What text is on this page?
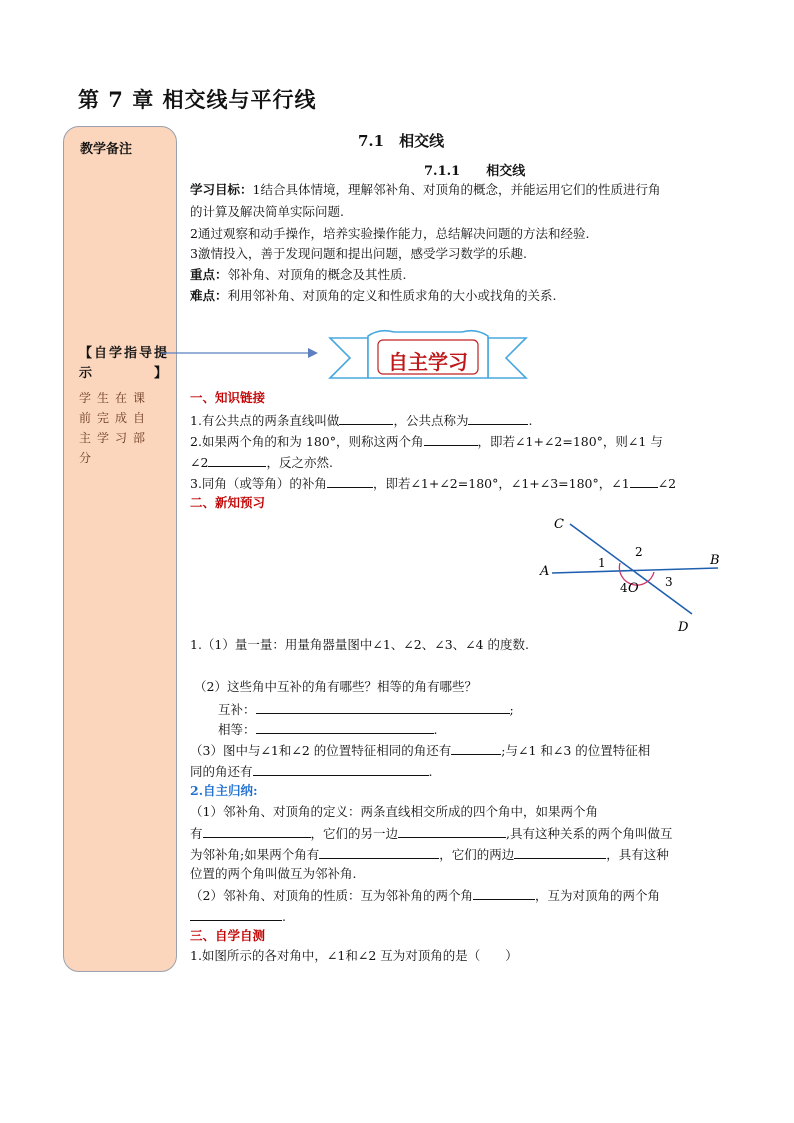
第 7 章 相交线与平行线
教学备注
【自学指导提示】
学生在课前完成自主学习部分
7.1　相交线
7.1.1　　相交线
学习目标：1结合具体情境，理解邻补角、对顶角的概念，并能运用它们的性质进行角
的计算及解决简单实际问题.
2通过观察和动手操作，培养实验操作能力，总结解决问题的方法和经验.
3激情投入，善于发现问题和提出问题，感受学习数学的乐趣.
重点：邻补角、对顶角的概念及其性质.
难点：利用邻补角、对顶角的定义和性质求角的大小或找角的关系.
自主学习
一、知识链接
1.有公共点的两条直线叫做	，公共点称为	.
2.如果两个角的和为 180°，则称这两个角	，即若∠1+∠2=180°，则∠1 与
∠2	，反之亦然.
3.同角（或等角）的补角	，即若∠1+∠2=180°，∠1+∠3=180°，∠1 ∠2
二、新知预习
A
B
C
D
O
1
2
3
4
1.（1）量一量：用量角器量图中∠1、∠2、∠3、∠4 的度数.
（2）这些角中互补的角有哪些？相等的角有哪些？
互补：	;
相等：	.
（3）图中与∠1和∠2 的位置特征相同的角还有	;与∠1 和∠3 的位置特征相
同的角还有	.
2.自主归纳:
（1）邻补角、对顶角的定义：两条直线相交所成的四个角中，如果两个角
有	，它们的另一边	,具有这种关系的两个角叫做互
为邻补角;如果两个角有	，它们的两边	，具有这种
位置的两个角叫做互为邻补角.
（2）邻补角、对顶角的性质：互为邻补角的两个角	，互为对顶角的两个角
.
三、自学自测
1.如图所示的各对角中，∠1和∠2 互为对顶角的是（　　）
